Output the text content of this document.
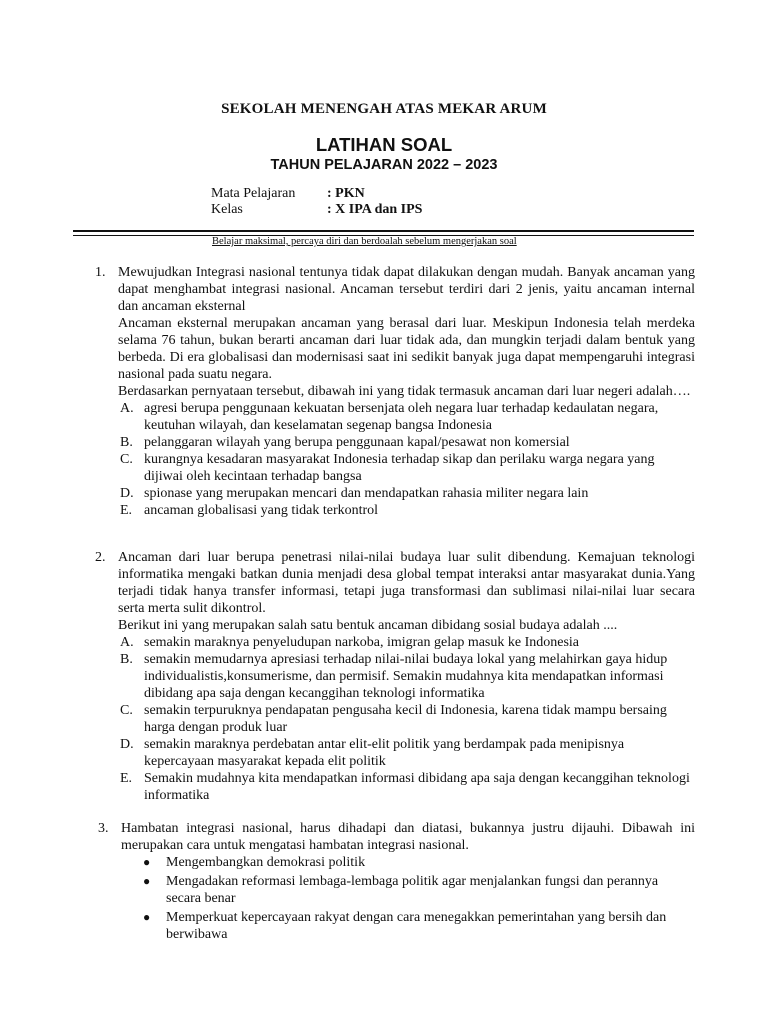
SEKOLAH MENENGAH ATAS MEKAR ARUM
LATIHAN SOAL
TAHUN PELAJARAN 2022 – 2023
Mata Pelajaran : PKN
Kelas	: X IPA dan IPS
Belajar maksimal, percaya diri dan berdoalah sebelum mengerjakan soal
1. Mewujudkan Integrasi nasional tentunya tidak dapat dilakukan dengan mudah. Banyak ancaman yang dapat menghambat integrasi nasional. Ancaman tersebut terdiri dari 2 jenis, yaitu ancaman internal dan ancaman eksternal

Ancaman eksternal merupakan ancaman yang berasal dari luar. Meskipun Indonesia telah merdeka selama 76 tahun, bukan berarti ancaman dari luar tidak ada, dan mungkin terjadi dalam bentuk yang berbeda. Di era globalisasi dan modernisasi saat ini sedikit banyak juga dapat mempengaruhi integrasi nasional pada suatu negara.

Berdasarkan pernyataan tersebut, dibawah ini yang tidak termasuk ancaman dari luar negeri adalah….

A. agresi berupa penggunaan kekuatan bersenjata oleh negara luar terhadap kedaulatan negara, keutuhan wilayah, dan keselamatan segenap bangsa Indonesia
B. pelanggaran wilayah yang berupa penggunaan kapal/pesawat non komersial
C. kurangnya kesadaran masyarakat Indonesia terhadap sikap dan perilaku warga negara yang dijiwai oleh kecintaan terhadap bangsa
D. spionase yang merupakan mencari dan mendapatkan rahasia militer negara lain
E. ancaman globalisasi yang tidak terkontrol
2. Ancaman dari luar berupa penetrasi nilai-nilai budaya luar sulit dibendung. Kemajuan teknologi informatika mengaki batkan dunia menjadi desa global tempat interaksi antar masyarakat dunia.Yang terjadi tidak hanya transfer informasi, tetapi juga transformasi dan sublimasi nilai-nilai luar secara serta merta sulit dikontrol.

Berikut ini yang merupakan salah satu bentuk ancaman dibidang sosial budaya adalah ....

A. semakin maraknya penyeludupan narkoba, imigran gelap masuk ke Indonesia
B. semakin memudarnya apresiasi terhadap nilai-nilai budaya lokal yang melahirkan gaya hidup individualistis,konsumerisme, dan permisif. Semakin mudahnya kita mendapatkan informasi dibidang apa saja dengan kecanggihan teknologi informatika
C. semakin terpuruknya pendapatan pengusaha kecil di Indonesia, karena tidak mampu bersaing harga dengan produk luar
D. semakin maraknya perdebatan antar elit-elit politik yang berdampak pada menipisnya kepercayaan masyarakat kepada elit politik
E. Semakin mudahnya kita mendapatkan informasi dibidang apa saja dengan kecanggihan teknologi informatika
3. Hambatan integrasi nasional, harus dihadapi dan diatasi, bukannya justru dijauhi. Dibawah ini merupakan cara untuk mengatasi hambatan integrasi nasional.

● Mengembangkan demokrasi politik
● Mengadakan reformasi lembaga-lembaga politik agar menjalankan fungsi dan perannya secara benar
● Memperkuat kepercayaan rakyat dengan cara menegakkan pemerintahan yang bersih dan berwibawa
